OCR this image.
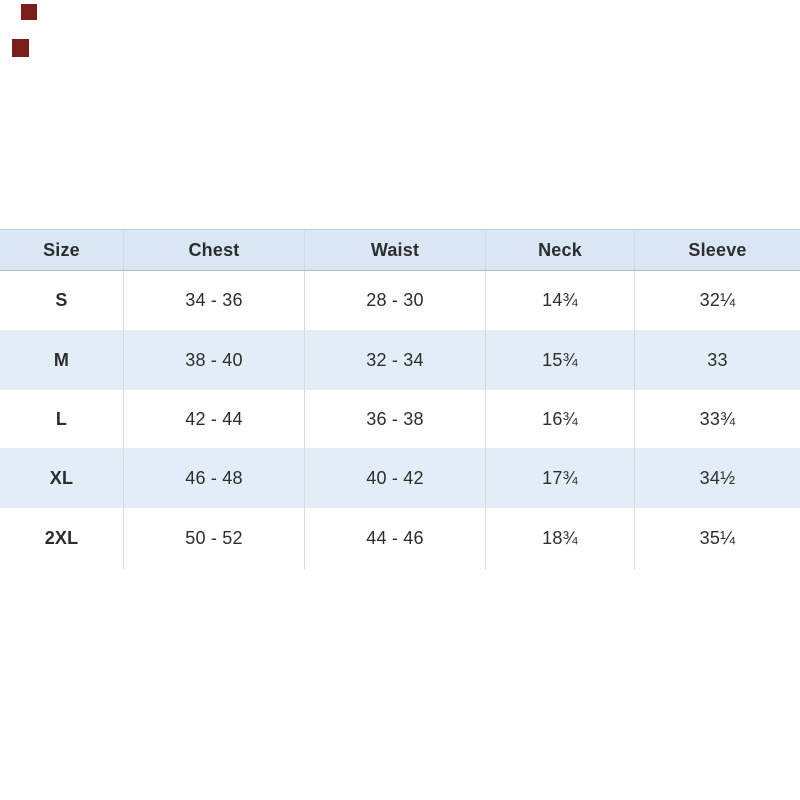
Size	Chest	Waist	Neck	Sleeve
S	34 - 36	28 - 30	14¾	32¼
M	38 - 40	32 - 34	15¾	33
L	42 - 44	36 - 38	16¾	33¾
XL	46 - 48	40 - 42	17¾	34½
2XL	50 - 52	44 - 46	18¾	35¼
